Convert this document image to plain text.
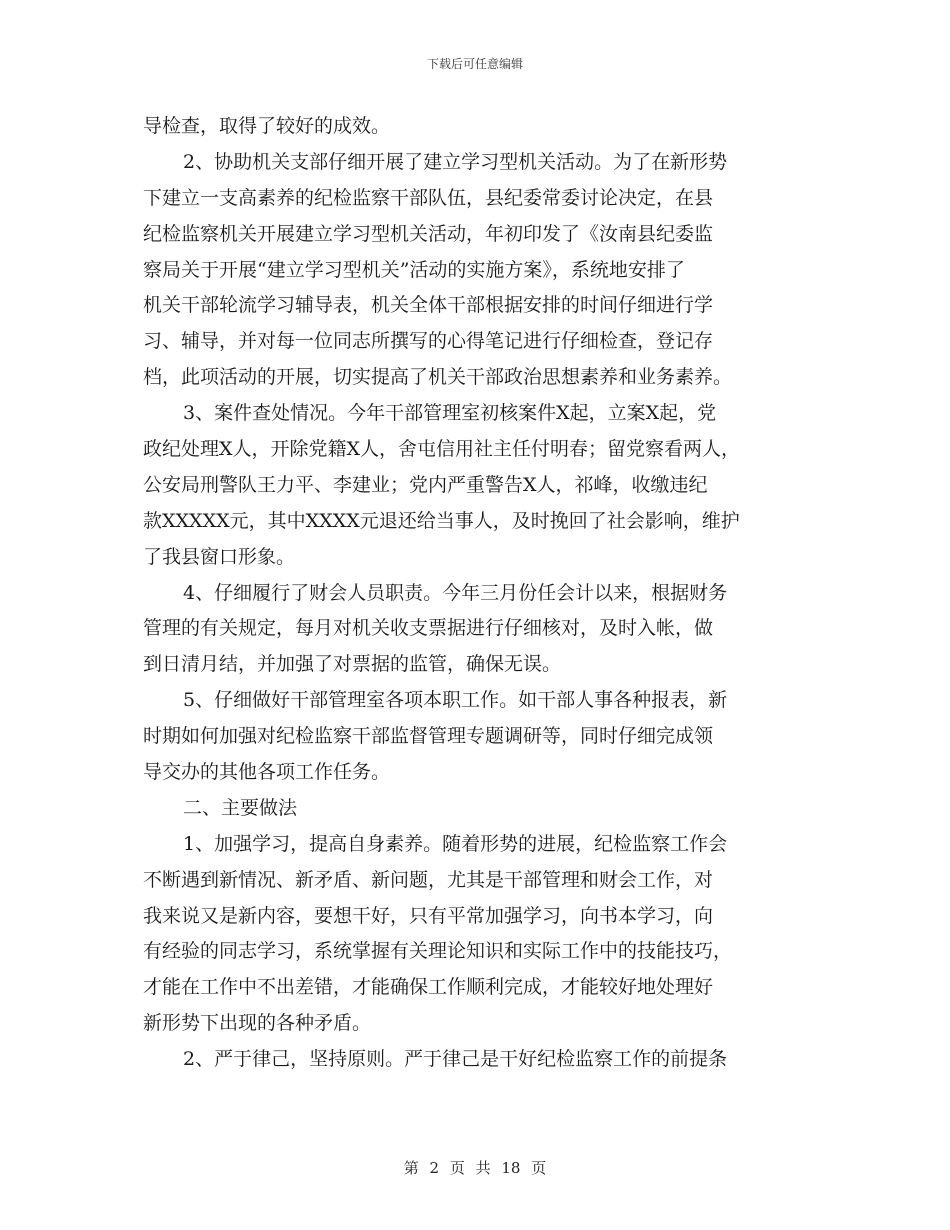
下载后可任意编辑
导检查，取得了较好的成效。
2、协助机关支部仔细开展了建立学习型机关活动。为了在新形势
下建立一支高素养的纪检监察干部队伍，县纪委常委讨论决定，在县
纪检监察机关开展建立学习型机关活动，年初印发了《汝南县纪委监
察局关于开展“建立学习型机关”活动的实施方案》，系统地安排了
机关干部轮流学习辅导表，机关全体干部根据安排的时间仔细进行学
习、辅导，并对每一位同志所撰写的心得笔记进行仔细检查，登记存
档，此项活动的开展，切实提高了机关干部政治思想素养和业务素养。
3、案件查处情况。今年干部管理室初核案件X起，立案X起，党
政纪处理X人，开除党籍X人，舍屯信用社主任付明春；留党察看两人，
公安局刑警队王力平、李建业；党内严重警告X人，祁峰，收缴违纪
款XXXXX元，其中XXXX元退还给当事人，及时挽回了社会影响，维护
了我县窗口形象。
4、仔细履行了财会人员职责。今年三月份任会计以来，根据财务
管理的有关规定，每月对机关收支票据进行仔细核对，及时入帐，做
到日清月结，并加强了对票据的监管，确保无误。
5、仔细做好干部管理室各项本职工作。如干部人事各种报表，新
时期如何加强对纪检监察干部监督管理专题调研等，同时仔细完成领
导交办的其他各项工作任务。
二、主要做法
1、加强学习，提高自身素养。随着形势的进展，纪检监察工作会
不断遇到新情况、新矛盾、新问题，尤其是干部管理和财会工作，对
我来说又是新内容，要想干好，只有平常加强学习，向书本学习，向
有经验的同志学习，系统掌握有关理论知识和实际工作中的技能技巧，
才能在工作中不出差错，才能确保工作顺利完成，才能较好地处理好
新形势下出现的各种矛盾。
2、严于律己，坚持原则。严于律己是干好纪检监察工作的前提条
第 2 页 共 18 页
